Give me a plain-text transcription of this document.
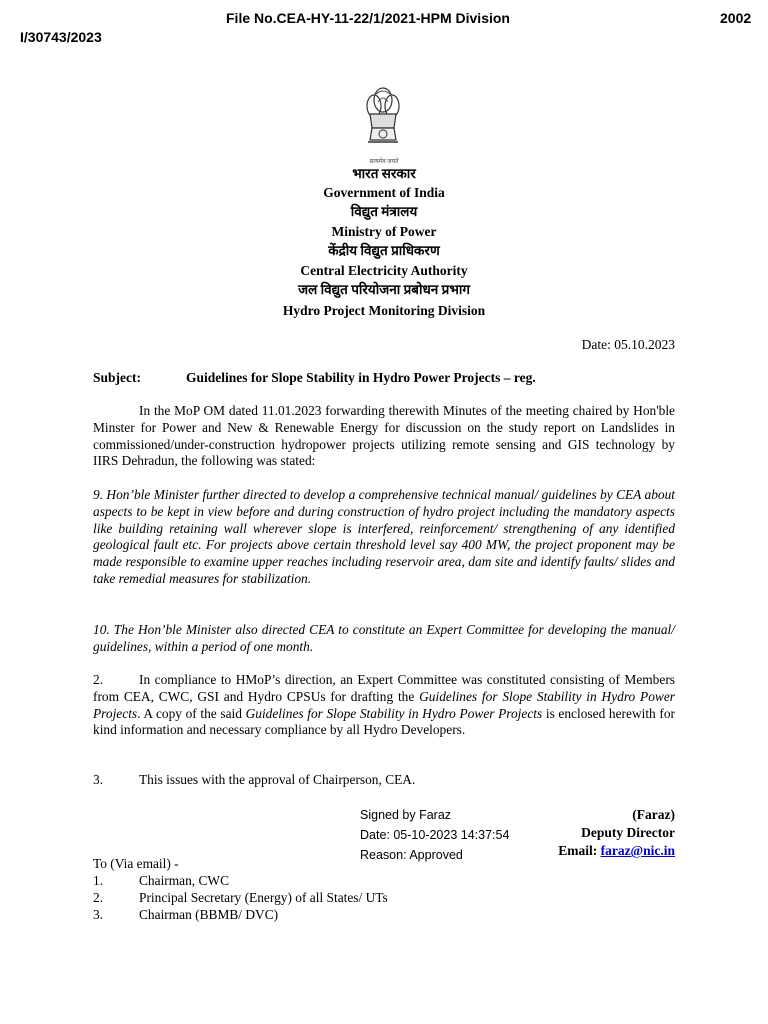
File No.CEA-HY-11-22/1/2021-HPM Division	2002
I/30743/2023
सत्यमेव जयते
भारत सरकार
Government of India
विद्युत मंत्रालय
Ministry of Power
केंद्रीय विद्युत प्राधिकरण
Central Electricity Authority
जल विद्युत परियोजना प्रबोधन प्रभाग
Hydro Project Monitoring Division
Date: 05.10.2023
Subject:	Guidelines for Slope Stability in Hydro Power Projects – reg.
In the MoP OM dated 11.01.2023 forwarding therewith Minutes of the meeting chaired by Hon'ble Minster for Power and New & Renewable Energy for discussion on the study report on Landslides in commissioned/under-construction hydropower projects utilizing remote sensing and GIS technology by IIRS Dehradun, the following was stated:
9. Hon’ble Minister further directed to develop a comprehensive technical manual/ guidelines by CEA about aspects to be kept in view before and during construction of hydro project including the mandatory aspects like building retaining wall wherever slope is interfered, reinforcement/ strengthening of any identified geological fault etc. For projects above certain threshold level say 400 MW, the project proponent may be made responsible to examine upper reaches including reservoir area, dam site and identify faults/ slides and take remedial measures for stabilization.
10. The Hon’ble Minister also directed CEA to constitute an Expert Committee for developing the manual/ guidelines, within a period of one month.
2.	In compliance to HMoP’s direction, an Expert Committee was constituted consisting of Members from CEA, CWC, GSI and Hydro CPSUs for drafting the Guidelines for Slope Stability in Hydro Power Projects. A copy of the said Guidelines for Slope Stability in Hydro Power Projects is enclosed herewith for kind information and necessary compliance by all Hydro Developers.
3.	This issues with the approval of Chairperson, CEA.
Signed by Faraz
Date: 05-10-2023 14:37:54
Reason: Approved
(Faraz)
Deputy Director
Email: faraz@nic.in
To (Via email) -
1.	Chairman, CWC
2.	Principal Secretary (Energy) of all States/ UTs
3.	Chairman (BBMB/ DVC)
